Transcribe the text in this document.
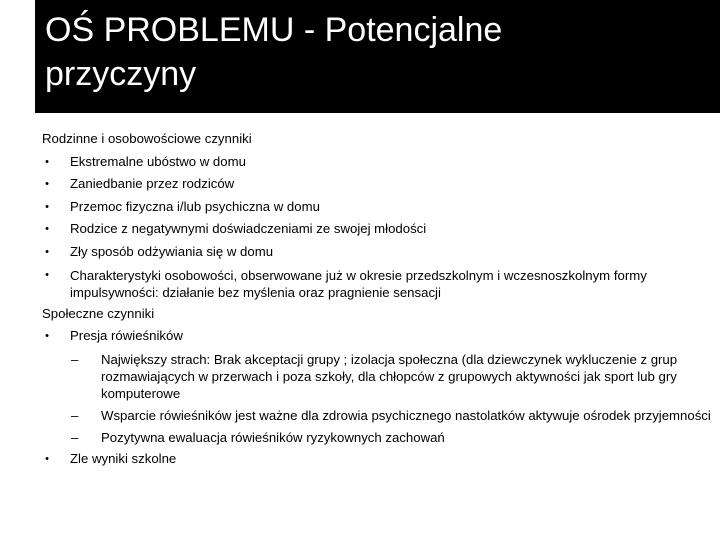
OŚ PROBLEMU - Potencjalne
przyczyny
Rodzinne i osobowościowe czynniki
• Ekstremalne ubóstwo w domu
• Zaniedbanie przez rodziców
• Przemoc fizyczna i/lub psychiczna w domu
• Rodzice z negatywnymi doświadczeniami ze swojej młodości
• Zły sposób odżywiania się w domu
• Charakterystyki osobowości, obserwowane już w okresie przedszkolnym i wczesnoszkolnym formy impulsywności: działanie bez myślenia oraz pragnienie sensacji
Społeczne czynniki
• Presja rówieśników
– Największy strach: Brak akceptacji grupy ; izolacja społeczna (dla dziewczynek wykluczenie z grup rozmawiających w przerwach i poza szkoły, dla chłopców z grupowych aktywności jak sport lub gry komputerowe
– Wsparcie rówieśników jest ważne dla zdrowia psychicznego nastolatków aktywuje ośrodek przyjemności
– Pozytywna ewaluacja rówieśników ryzykownych zachowań
• Zle wyniki szkolne
